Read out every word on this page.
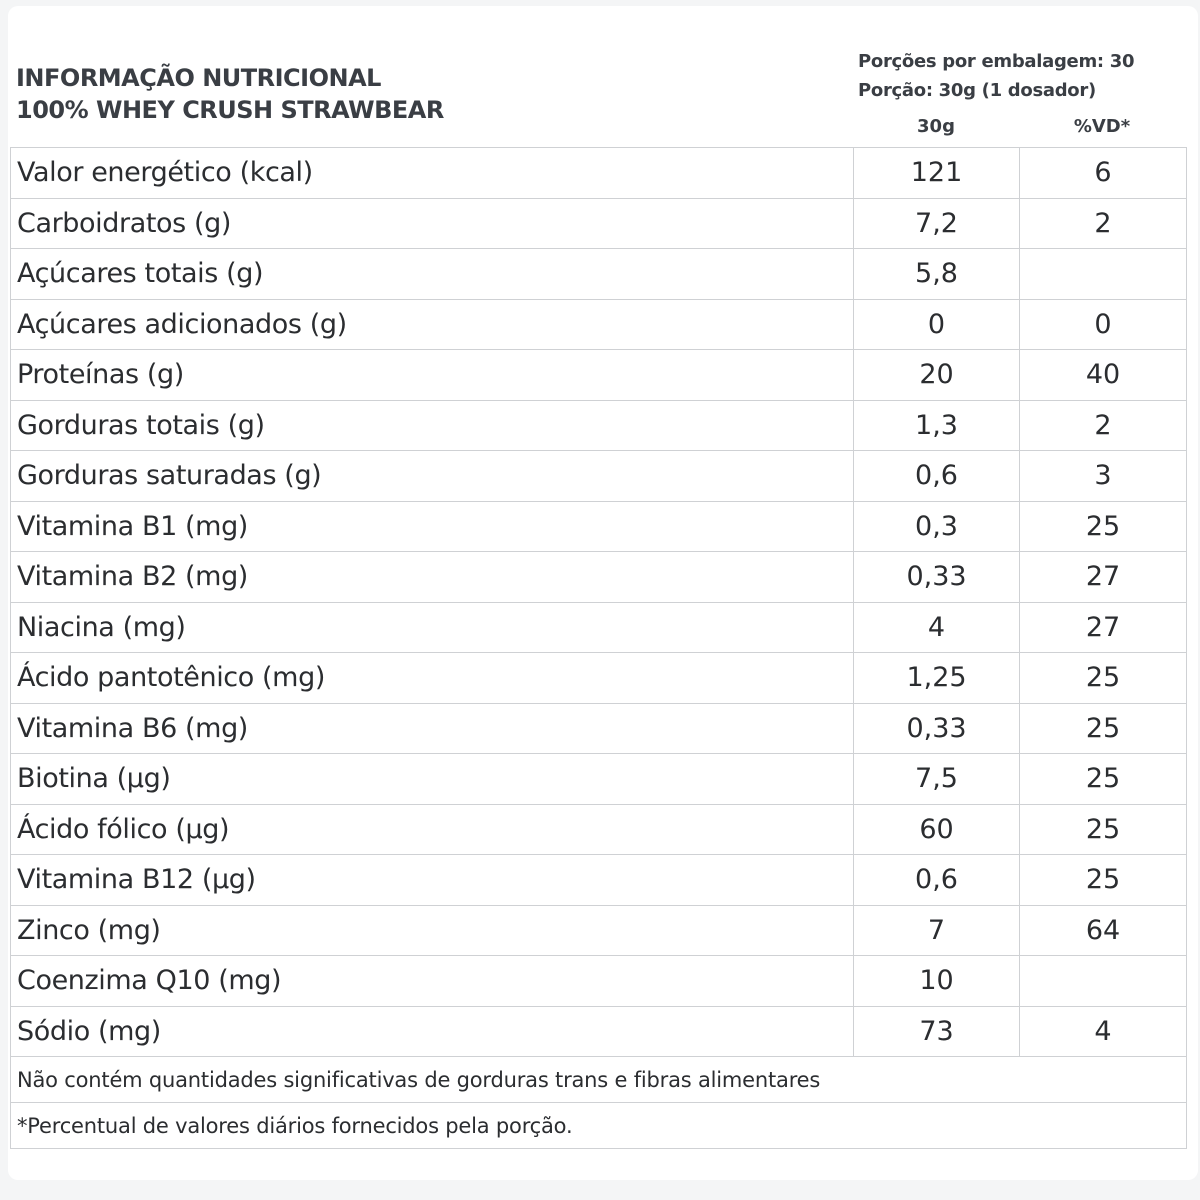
INFORMAÇÃO NUTRICIONAL
100% WHEY CRUSH STRAWBEAR
Porções por embalagem: 30
Porção: 30g (1 dosador)
30g	%VD*
Valor energético (kcal)	121	6
Carboidratos (g)	7,2	2
Açúcares totais (g)	5,8	
Açúcares adicionados (g)	0	0
Proteínas (g)	20	40
Gorduras totais (g)	1,3	2
Gorduras saturadas (g)	0,6	3
Vitamina B1 (mg)	0,3	25
Vitamina B2 (mg)	0,33	27
Niacina (mg)	4	27
Ácido pantotênico (mg)	1,25	25
Vitamina B6 (mg)	0,33	25
Biotina (µg)	7,5	25
Ácido fólico (µg)	60	25
Vitamina B12 (µg)	0,6	25
Zinco (mg)	7	64
Coenzima Q10 (mg)	10	
Sódio (mg)	73	4
Não contém quantidades significativas de gorduras trans e fibras alimentares		
*Percentual de valores diários fornecidos pela porção.		
